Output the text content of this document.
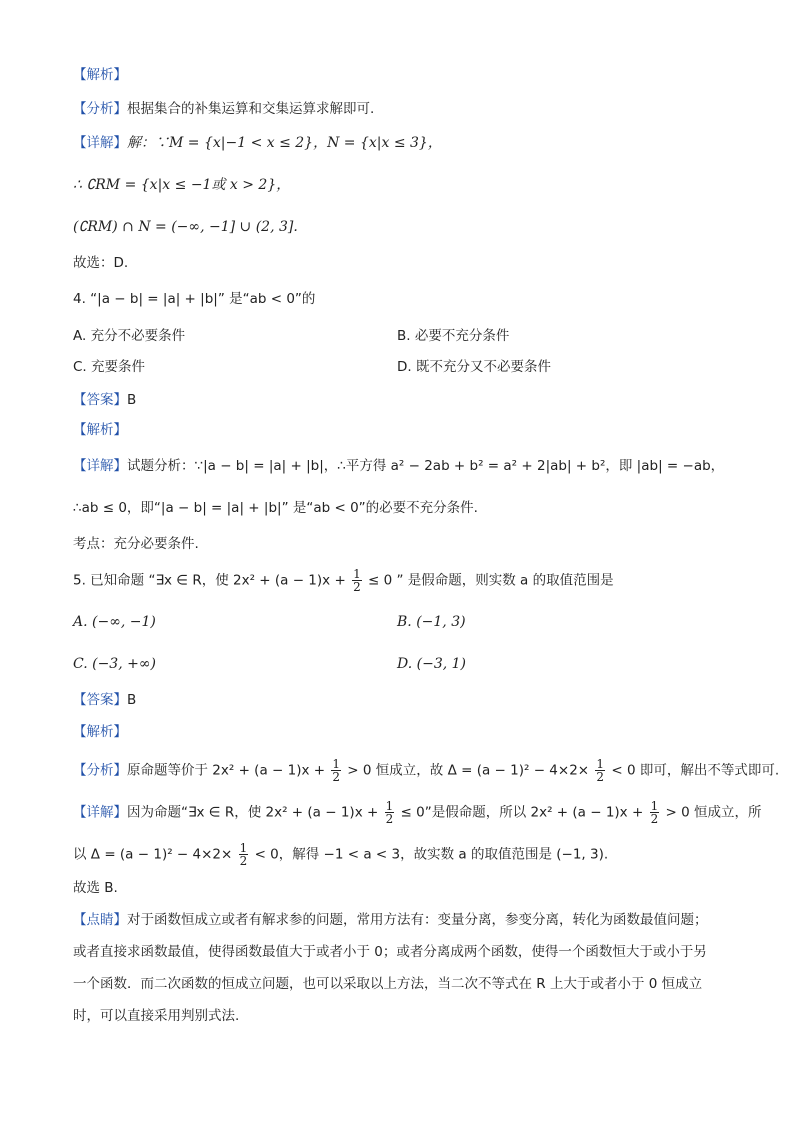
【解析】
【分析】根据集合的补集运算和交集运算求解即可.
【详解】解：∵M = {x|−1 < x ≤ 2}，N = {x|x ≤ 3}，
∴ ∁RM = {x|x ≤ −1或 x > 2}，
(∁RM) ∩ N = (−∞, −1] ∪ (2, 3].
故选：D.
4. “|a − b| = |a| + |b|” 是“ab < 0”的
A. 充分不必要条件	B. 必要不充分条件
C. 充要条件	D. 既不充分又不必要条件
【答案】B
【解析】
【详解】试题分析：∵|a − b| = |a| + |b|，∴平方得 a² − 2ab + b² = a² + 2|ab| + b²，即 |ab| = −ab，
∴ab ≤ 0，即“|a − b| = |a| + |b|” 是“ab < 0”的必要不充分条件.
考点：充分必要条件.
5. 已知命题 “∃x ∈ R，使 $2x^2 + (a - 1)x + \frac{1}{2} \le 0$ ” 是假命题，则实数 a 的取值范围是
A. (−∞, −1)	B. (−1, 3)
C. (−3, +∞)	D. (−3, 1)
【答案】B
【解析】
【分析】原命题等价于 $2x^2 + (a - 1)x + \frac{1}{2} > 0$ 恒成立，故 $\Delta = (a - 1)^2 - 4\times 2\times \frac{1}{2} < 0$ 即可，解出不等式即可.
【详解】因为命题“∃x ∈ R，使 $2x^2 + (a - 1)x + \frac{1}{2} \le 0$”是假命题，所以 $2x^2 + (a - 1)x + \frac{1}{2} > 0$ 恒成立，所
以 $\Delta = (a - 1)^2 - 4\times 2\times \frac{1}{2} < 0$，解得 −1 < a < 3，故实数 a 的取值范围是 (−1, 3).
故选 B.
【点睛】对于函数恒成立或者有解求参的问题，常用方法有：变量分离，参变分离，转化为函数最值问题；
或者直接求函数最值，使得函数最值大于或者小于 0；或者分离成两个函数，使得一个函数恒大于或小于另
一个函数．而二次函数的恒成立问题，也可以采取以上方法，当二次不等式在 R 上大于或者小于 0 恒成立
时，可以直接采用判别式法.
